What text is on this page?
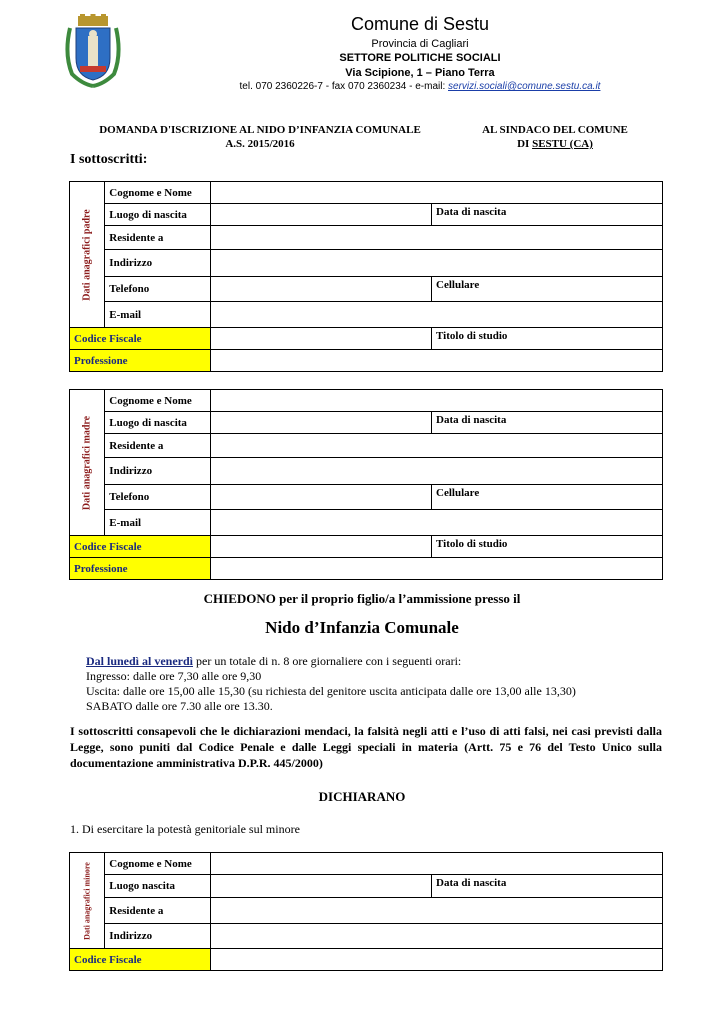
Comune di Sestu
Provincia di Cagliari
SETTORE POLITICHE SOCIALI
Via Scipione, 1 – Piano Terra
tel. 070 2360226-7 - fax 070 2360234 - e-mail: servizi.sociali@comune.sestu.ca.it
DOMANDA D'ISCRIZIONE AL NIDO D’INFANZIA COMUNALE
A.S. 2015/2016
AL SINDACO DEL COMUNE
DI SESTU (CA)
I sottoscritti:
Dati anagrafici padre	Cognome e Nome		
	Luogo di nascita		Data di nascita
	Residente a		
	Indirizzo		
	Telefono		Cellulare
	E-mail		
Codice Fiscale			Titolo di studio
Professione			
Dati anagrafici madre	Cognome e Nome		
	Luogo di nascita		Data di nascita
	Residente a		
	Indirizzo		
	Telefono		Cellulare
	E-mail		
Codice Fiscale			Titolo di studio
Professione			
CHIEDONO per il proprio figlio/a l’ammissione presso il
Nido d’Infanzia Comunale
Dal lunedì al venerdì per un totale di n. 8 ore giornaliere con i seguenti orari:
Ingresso: dalle ore 7,30 alle ore 9,30
Uscita: dalle ore 15,00 alle 15,30 (su richiesta del genitore uscita anticipata dalle ore 13,00 alle 13,30)
SABATO dalle ore 7.30 alle ore 13.30.
I sottoscritti consapevoli che le dichiarazioni mendaci, la falsità negli atti e l’uso di atti falsi, nei casi previsti dalla Legge, sono puniti dal Codice Penale e dalle Leggi speciali in materia (Artt. 75 e 76 del Testo Unico sulla documentazione amministrativa D.P.R. 445/2000)
DICHIARANO
1. Di esercitare la potestà genitoriale sul minore
Dati anagrafici minore	Cognome e Nome		
	Luogo nascita		Data di nascita
	Residente a		
	Indirizzo		
Codice Fiscale			
